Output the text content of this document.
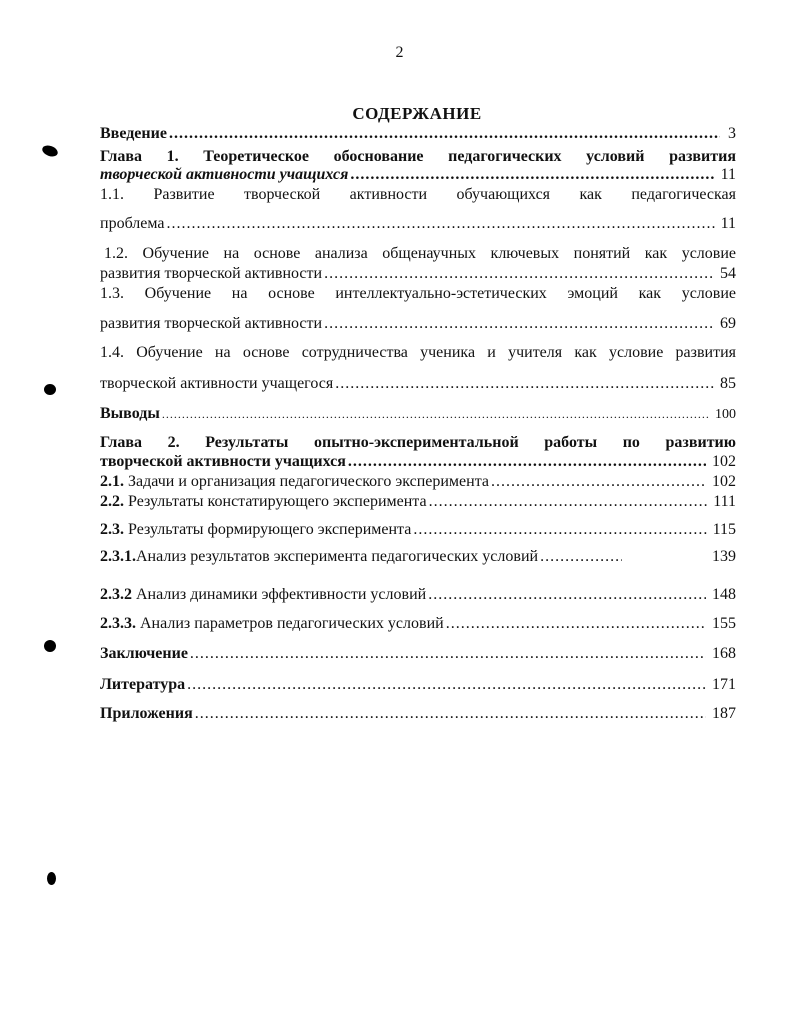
2
СОДЕРЖАНИЕ
Введение .....	3
Глава 1. Теоретическое обоснование педагогических условий развития
творческой активности учащихся .....	11
1.1. Развитие творческой активности обучающихся как педагогическая
проблема .....	11
1.2. Обучение на основе анализа общенаучных ключевых понятий как условие
развития творческой активности .....	54
1.3. Обучение на основе интеллектуально-эстетических эмоций как условие
развития творческой активности .....	69
1.4. Обучение на основе сотрудничества ученика и учителя как условие развития
творческой активности учащегося .....	85
Выводы .....	100
Глава 2. Результаты опытно-экспериментальной работы по развитию
творческой активности учащихся .....	102
2.1. Задачи и организация педагогического эксперимента .....	102
2.2. Результаты констатирующего эксперимента .....	111
2.3. Результаты формирующего эксперимента .....	115
2.3.1.Анализ результатов эксперимента педагогических условий .....	139
2.3.2 Анализ динамики эффективности условий .....	148
2.3.3. Анализ параметров педагогических условий .....	155
Заключение .....	168
Литература .....	171
Приложения .....	187
